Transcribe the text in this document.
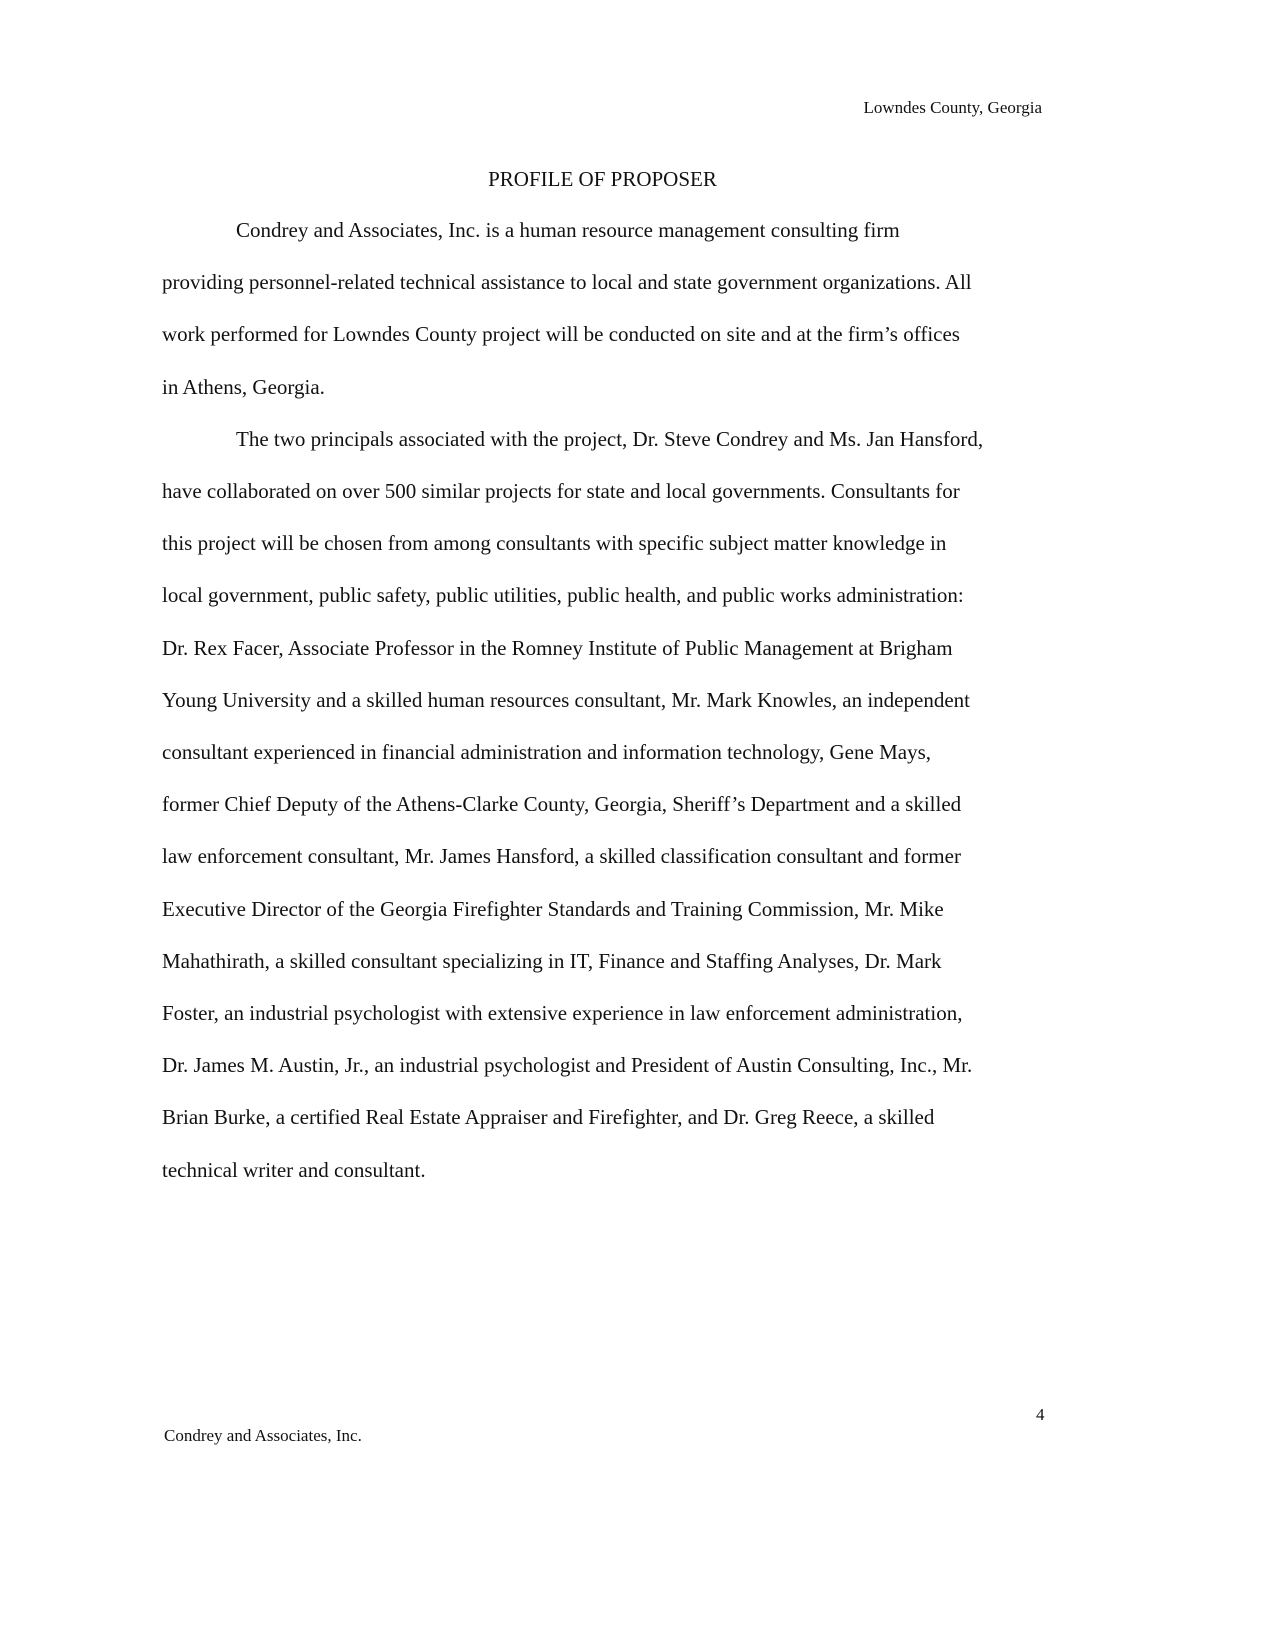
Lowndes County, Georgia
PROFILE OF PROPOSER
Condrey and Associates, Inc. is a human resource management consulting firm
providing personnel-related technical assistance to local and state government organizations. All
work performed for Lowndes County project will be conducted on site and at the firm’s offices
in Athens, Georgia.
The two principals associated with the project, Dr. Steve Condrey and Ms. Jan Hansford,
have collaborated on over 500 similar projects for state and local governments. Consultants for
this project will be chosen from among consultants with specific subject matter knowledge in
local government, public safety, public utilities, public health, and public works administration:
Dr. Rex Facer, Associate Professor in the Romney Institute of Public Management at Brigham
Young University and a skilled human resources consultant, Mr. Mark Knowles, an independent
consultant experienced in financial administration and information technology, Gene Mays,
former Chief Deputy of the Athens-Clarke County, Georgia, Sheriff’s Department and a skilled
law enforcement consultant, Mr. James Hansford, a skilled classification consultant and former
Executive Director of the Georgia Firefighter Standards and Training Commission, Mr. Mike
Mahathirath, a skilled consultant specializing in IT, Finance and Staffing Analyses, Dr. Mark
Foster, an industrial psychologist with extensive experience in law enforcement administration,
Dr. James M. Austin, Jr., an industrial psychologist and President of Austin Consulting, Inc., Mr.
Brian Burke, a certified Real Estate Appraiser and Firefighter, and Dr. Greg Reece, a skilled
technical writer and consultant.
4
Condrey and Associates, Inc.
